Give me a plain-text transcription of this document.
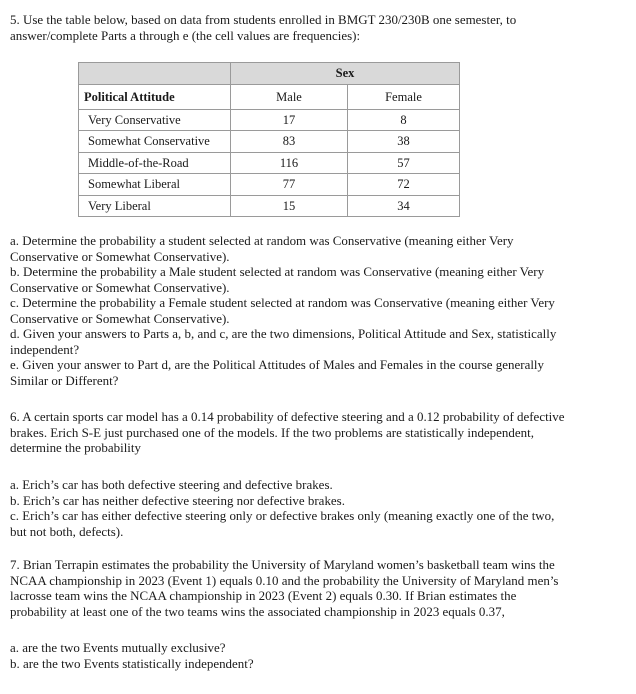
5. Use the table below, based on data from students enrolled in BMGT 230/230B one semester, to
answer/complete Parts a through e (the cell values are frequencies):
	Sex	
Political Attitude	Male	Female
Very Conservative	17	8
Somewhat Conservative	83	38
Middle-of-the-Road	116	57
Somewhat Liberal	77	72
Very Liberal	15	34
a. Determine the probability a student selected at random was Conservative (meaning either Very
Conservative or Somewhat Conservative).
b. Determine the probability a Male student selected at random was Conservative (meaning either Very
Conservative or Somewhat Conservative).
c. Determine the probability a Female student selected at random was Conservative (meaning either Very
Conservative or Somewhat Conservative).
d. Given your answers to Parts a, b, and c, are the two dimensions, Political Attitude and Sex, statistically
independent?
e. Given your answer to Part d, are the Political Attitudes of Males and Females in the course generally
Similar or Different?
6. A certain sports car model has a 0.14 probability of defective steering and a 0.12 probability of defective
brakes. Erich S-E just purchased one of the models. If the two problems are statistically independent,
determine the probability
a. Erich’s car has both defective steering and defective brakes.
b. Erich’s car has neither defective steering nor defective brakes.
c. Erich’s car has either defective steering only or defective brakes only (meaning exactly one of the two,
but not both, defects).
7. Brian Terrapin estimates the probability the University of Maryland women’s basketball team wins the
NCAA championship in 2023 (Event 1) equals 0.10 and the probability the University of Maryland men’s
lacrosse team wins the NCAA championship in 2023 (Event 2) equals 0.30. If Brian estimates the
probability at least one of the two teams wins the associated championship in 2023 equals 0.37,
a. are the two Events mutually exclusive?
b. are the two Events statistically independent?
